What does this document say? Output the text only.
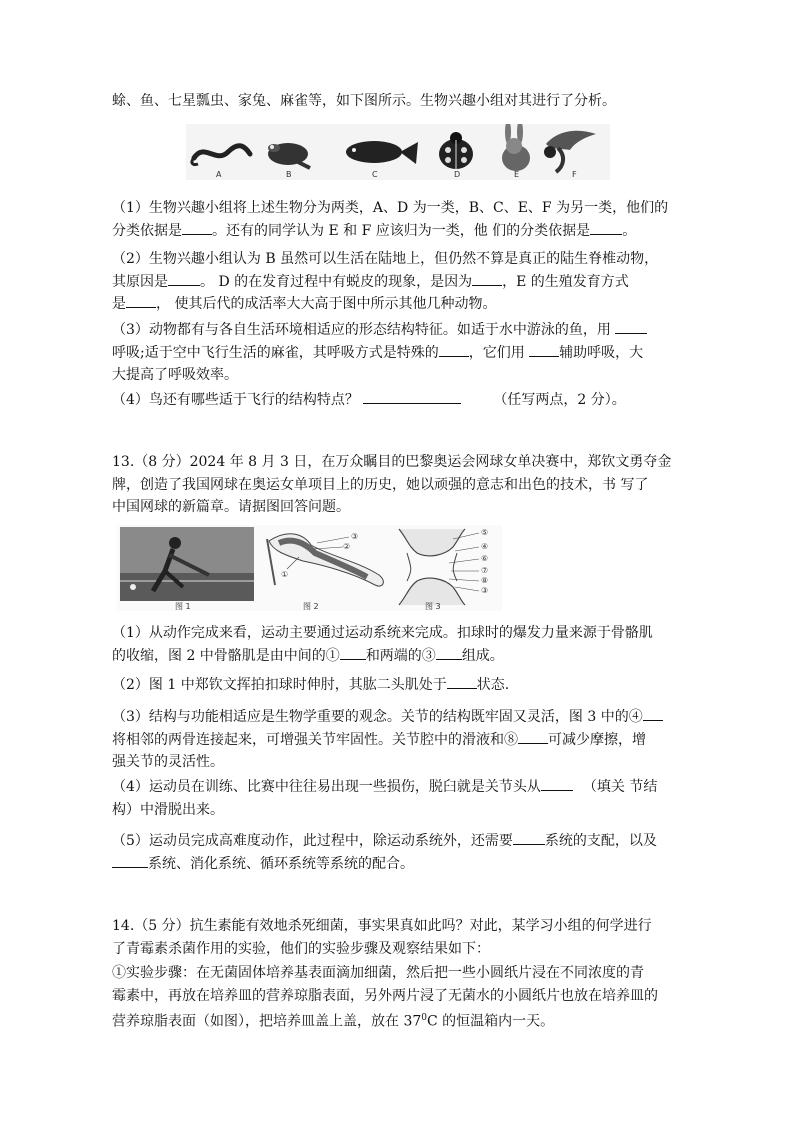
蜍、鱼、七星瓢虫、家兔、麻雀等，如下图所示。生物兴趣小组对其进行了分析。

A	B	C	D	E	F

（1）生物兴趣小组将上述生物分为两类，A、D 为一类，B、C、E、F 为另一类，他们的
分类依据是 。还有的同学认为 E 和 F 应该归为一类，他 们的分类依据是 。

（2）生物兴趣小组认为 B 虽然可以生活在陆地上，但仍然不算是真正的陆生脊椎动物，
其原因是 。 D 的在发育过程中有蜕皮的现象，是因为 ，E 的生殖发育方式
是 ， 使其后代的成活率大大高于图中所示其他几种动物。

（3）动物都有与各自生活环境相适应的形态结构特征。如适于水中游泳的鱼，用
呼吸;适于空中飞行生活的麻雀，其呼吸方式是特殊的 ，它们用 辅助呼吸，大
大提高了呼吸效率。

（4）鸟还有哪些适于飞行的结构特点？	（任写两点，2 分）。

13.（8 分）2024 年 8 月 3 日，在万众瞩目的巴黎奥运会网球女单决赛中，郑钦文勇夺金
牌，创造了我国网球在奥运女单项目上的历史，她以顽强的意志和出色的技术，书 写了
中国网球的新篇章。请据图回答问题。

①
②
③	⑤
④
⑥
⑦
⑧
③
图 1	图 2	图 3

（1）从动作完成来看，运动主要通过运动系统来完成。扣球时的爆发力量来源于骨骼肌
的收缩，图 2 中骨骼肌是由中间的① 和两端的③ 组成。

（2）图 1 中郑钦文挥拍扣球时伸肘，其肱二头肌处于 状态.

（3）结构与功能相适应是生物学重要的观念。关节的结构既牢固又灵活，图 3 中的④
将相邻的两骨连接起来，可增强关节牢固性。关节腔中的滑液和⑧ 可减少摩擦，增
强关节的灵活性。

（4）运动员在训练、比赛中往往易出现一些损伤，脱臼就是关节头从	（填关 节结
构）中滑脱出来。

（5）运动员完成高难度动作，此过程中，除运动系统外，还需要 系统的支配，以及
系统、消化系统、循环系统等系统的配合。

14.（5 分）抗生素能有效地杀死细菌，事实果真如此吗？对此，某学习小组的何学进行
了青霉素杀菌作用的实验，他们的实验步骤及观察结果如下：

①实验步骤：在无菌固体培养基表面滴加细菌，然后把一些小圆纸片浸在不同浓度的青
霉素中，再放在培养皿的营养琼脂表面，另外两片浸了无菌水的小圆纸片也放在培养皿的
营养琼脂表面（如图），把培养皿盖上盖，放在 $37^0C$ 的恒温箱内一天。
